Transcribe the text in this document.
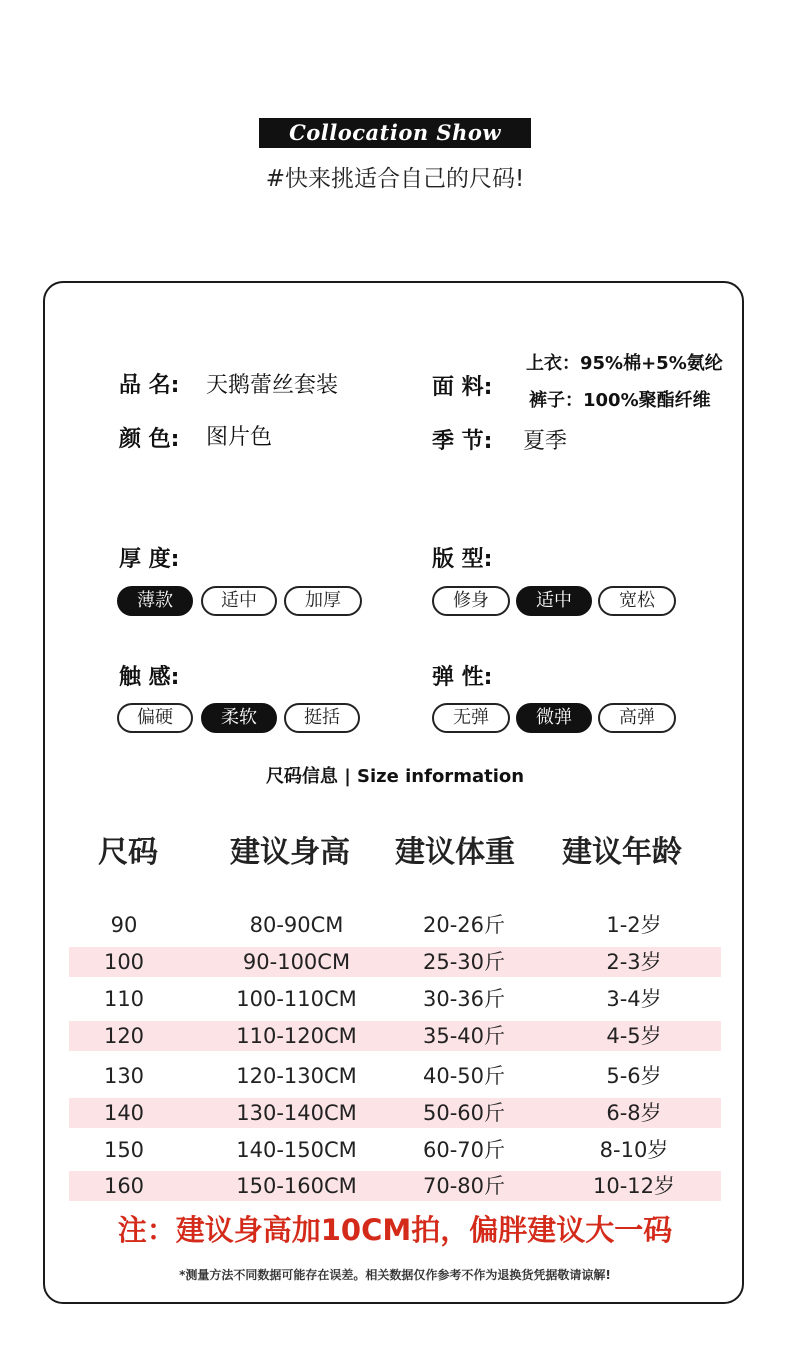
Collocation Show
#快来挑适合自己的尺码!
品 名: 天鹅蕾丝套装
颜 色: 图片色
面 料:
上衣：95%棉+5%氨纶
裤子：100%聚酯纤维
季 节: 夏季
厚 度:
薄款	适中	加厚
版 型:
修身	适中	宽松
触 感:
偏硬	柔软	挺括
弹 性:
无弹	微弹	高弹
尺码信息 | Size information
尺码 建议身高 建议体重 建议年龄
90	80-90CM	20-26斤	1-2岁
100	90-100CM	25-30斤	2-3岁
110	100-110CM	30-36斤	3-4岁
120	110-120CM	35-40斤	4-5岁
130	120-130CM	40-50斤	5-6岁
140	130-140CM	50-60斤	6-8岁
150	140-150CM	60-70斤	8-10岁
160	150-160CM	70-80斤	10-12岁
注：建议身高加10CM拍，偏胖建议大一码
*测量方法不同数据可能存在误差。相关数据仅作参考不作为退换货凭据敬请谅解!
